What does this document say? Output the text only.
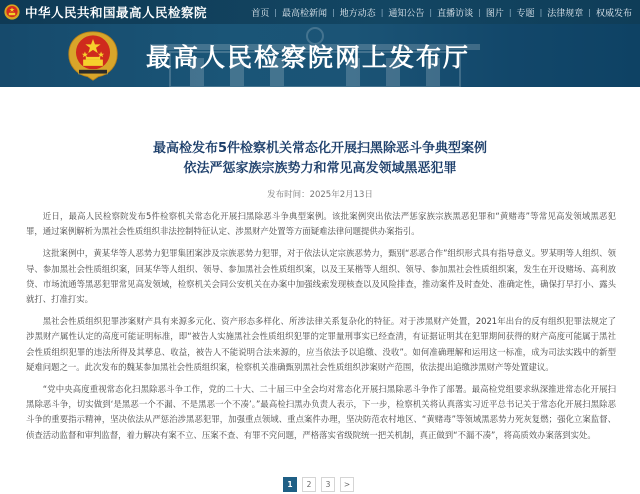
中华人民共和国最高人民检察院	首页 | 最高检新闻 | 地方动态 | 通知公告 | 直播访谈 | 图片 | 专题 | 法律规章 | 权威发布
最高人民检察院网上发布厅
最高检发布5件检察机关常态化开展扫黑除恶斗争典型案例
依法严惩家族宗族势力和常见高发领域黑恶犯罪
发布时间：2025年2月13日

近日，最高人民检察院发布5件检察机关常态化开展扫黑除恶斗争典型案例。该批案例突出依法严惩家族宗族黑恶犯罪和“黄赌毒”等常见高发领域黑恶犯罪，通过案例解析为黑社会性质组织非法控制特征认定、涉黑财产处置等方面疑难法律问题提供办案指引。

这批案例中，黄某华等人恶势力犯罪集团案涉及宗族恶势力犯罪，对于依法认定宗族恶势力，甄别“恶恶合作”组织形式具有指导意义。罗某明等人组织、领导、参加黑社会性质组织案，回某华等人组织、领导、参加黑社会性质组织案，以及王某楷等人组织、领导、参加黑社会性质组织案，发生在开设赌场、高利放贷、市场流通等黑恶犯罪常见高发领域，检察机关会同公安机关在办案中加强线索发现核查以及风险排查，推动案件及时查处、准确定性，确保打早打小、露头就打、打准打实。

黑社会性质组织犯罪涉案财产具有来源多元化、资产形态多样化、所涉法律关系复杂化的特征。对于涉黑财产处置，2021年出台的反有组织犯罪法规定了涉黑财产属性认定的高度可能证明标准，即“被告人实施黑社会性质组织犯罪的定罪量刑事实已经查清，有证据证明其在犯罪期间获得的财产高度可能属于黑社会性质组织犯罪的违法所得及其孳息、收益，被告人不能说明合法来源的，应当依法予以追缴、没收”。如何准确理解和运用这一标准，成为司法实践中的新型疑难问题之一。此次发布的魏某参加黑社会性质组织案，检察机关准确甄别黑社会性质组织涉案财产范围，依法提出追缴涉黑财产等处置建议。

“党中央高度重视常态化扫黑除恶斗争工作，党的二十大、二十届三中全会均对常态化开展扫黑除恶斗争作了部署。最高检党组要求纵深推进常态化开展扫黑除恶斗争，切实做到‘是黑恶一个不漏、不是黑恶一个不凑’。”最高检扫黑办负责人表示，下一步，检察机关将认真落实习近平总书记关于常态化开展扫黑除恶斗争的重要指示精神，坚决依法从严惩治涉黑恶犯罪，加强重点领域、重点案件办理，坚决防范农村地区、“黄赌毒”等领域黑恶势力死灰复燃；强化立案监督、侦查活动监督和审判监督，着力解决有案不立、压案不查、有罪不究问题，严格落实省级院统一把关机制，真正做到“不漏不凑”，将高质效办案落到实处。

1	2	3	>
